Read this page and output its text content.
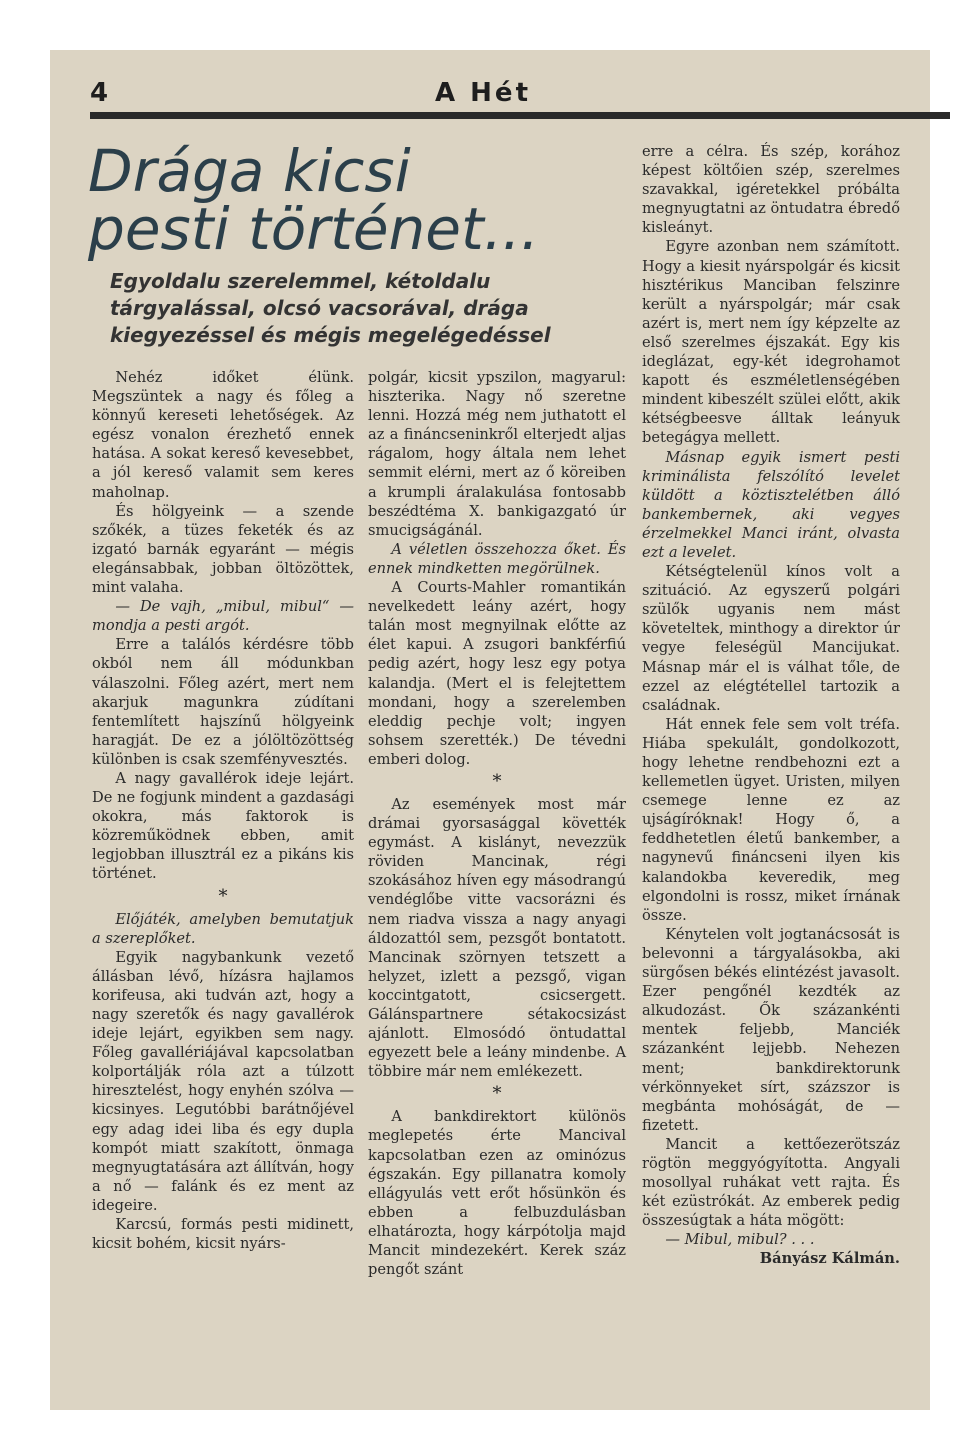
4	A Hét
Drága kicsi
pesti történet...
Egyoldalu szerelemmel, kétoldalu tárgyalással, olcsó vacsorával, drága kiegyezéssel és mégis megelégedéssel

Nehéz időket élünk. Megszüntek a nagy és főleg a könnyű kereseti lehetőségek. Az egész vonalon érezhető ennek hatása. A sokat kereső kevesebbet, a jól kereső valamit sem keres maholnap.

És hölgyeink — a szende szőkék, a tüzes feketék és az izgató barnák egyaránt — mégis elegánsabbak, jobban öltözöttek, mint valaha.

— De vajh, „mibul, mibul“ — mondja a pesti argót.

Erre a találós kérdésre több okból nem áll módunkban válaszolni. Főleg azért, mert nem akarjuk magunkra zúdítani fentemlített hajszínű hölgyeink haragját. De ez a jólöltözöttség különben is csak szemfényvesztés.

A nagy gavallérok ideje lejárt. De ne fogjunk mindent a gazdasági okokra, más faktorok is közreműködnek ebben, amit legjobban illusztrál ez a pikáns kis történet.

*

Előjáték, amelyben bemutatjuk a szereplőket.

Egyik nagybankunk vezető állásban lévő, hízásra hajlamos korifeusa, aki tudván azt, hogy a nagy szeretők és nagy gavallérok ideje lejárt, egyikben sem nagy. Főleg gavallériájával kapcsolatban kolportálják róla azt a túlzott hiresztelést, hogy enyhén szólva — kicsinyes. Legutóbbi barátnőjével egy adag idei liba és egy dupla kompót miatt szakított, önmaga megnyugtatására azt állítván, hogy a nő — falánk és ez ment az idegeire.

Karcsú, formás pesti midinett, kicsit bohém, kicsit nyárs-

polgár, kicsit ypszilon, magyarul: hiszterika. Nagy nő szeretne lenni. Hozzá még nem juthatott el az a fináncseninkről elterjedt aljas rágalom, hogy általa nem lehet semmit elérni, mert az ő köreiben a krumpli áralakulása fontosabb beszédtéma X. bankigazgató úr smucigságánál.

A véletlen összehozza őket. És ennek mindketten megörülnek.

A Courts-Mahler romantikán nevelkedett leány azért, hogy talán most megnyilnak előtte az élet kapui. A zsugori bankférfiú pedig azért, hogy lesz egy potya kalandja. (Mert el is felejtettem mondani, hogy a szerelemben eleddig pechje volt; ingyen sohsem szerették.) De tévedni emberi dolog.

*

Az események most már drámai gyorsasággal követték egymást. A kislányt, nevezzük röviden Mancinak, régi szokásához híven egy másodrangú vendéglőbe vitte vacsorázni és nem riadva vissza a nagy anyagi áldozattól sem, pezsgőt bontatott. Mancinak szörnyen tetszett a helyzet, izlett a pezsgő, vigan koccintgatott, csicsergett. Gálánspartnere sétakocsizást ajánlott. Elmosódó öntudattal egyezett bele a leány mindenbe. A többire már nem emlékezett.

*

A bankdirektort különös meglepetés érte Mancival kapcsolatban ezen az ominózus égszakán. Egy pillanatra komoly ellágyulás vett erőt hősünkön és ebben a felbuzdulásban elhatározta, hogy kárpótolja majd Mancit mindezekért. Kerek száz pengőt szánt

erre a célra. És szép, korához képest költőien szép, szerelmes szavakkal, igéretekkel próbálta megnyugtatni az öntudatra ébredő kisleányt.

Egyre azonban nem számított. Hogy a kiesit nyárspolgár és kicsit hisztérikus Manciban felszinre került a nyárspolgár; már csak azért is, mert nem így képzelte az első szerelmes éjszakát. Egy kis ideglázat, egy-két idegrohamot kapott és eszméletlenségében mindent kibeszélt szülei előtt, akik kétségbeesve álltak leányuk betegágya mellett.

Másnap egyik ismert pesti kriminálista felszólító levelet küldött a köztisztelétben álló bankembernek, aki vegyes érzelmekkel Manci iránt, olvasta ezt a levelet.

Kétségtelenül kínos volt a szituáció. Az egyszerű polgári szülők ugyanis nem mást követeltek, minthogy a direktor úr vegye feleségül Mancijukat. Másnap már el is válhat tőle, de ezzel az elégtétellel tartozik a családnak.

Hát ennek fele sem volt tréfa. Hiába spekulált, gondolkozott, hogy lehetne rendbehozni ezt a kellemetlen ügyet. Uristen, milyen csemege lenne ez az ujságíróknak! Hogy ő, a feddhetetlen életű bankember, a nagynevű fináncseni ilyen kis kalandokba keveredik, meg elgondolni is rossz, miket írnának össze.

Kénytelen volt jogtanácsosát is belevonni a tárgyalásokba, aki sürgősen békés elintézést javasolt. Ezer pengőnél kezdték az alkudozást. Ők százankénti mentek feljebb, Manciék százanként lejjebb. Nehezen ment; bankdirektorunk vérkönnyeket sírt, százszor is megbánta mohóságát, de — fizetett.

Mancit a kettőezerötszáz rögtön meggyógyította. Angyali mosollyal ruhákat vett rajta. És két ezüstrókát. Az emberek pedig összesúgtak a háta mögött:

— Mibul, mibul? . . .

Bányász Kálmán.
